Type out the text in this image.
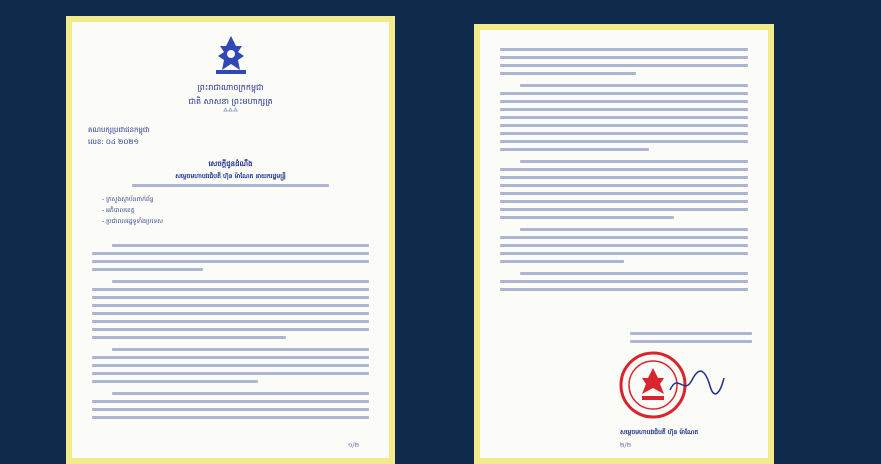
ព្រះរាជាណាចក្រកម្ពុជា
ជាតិ សាសនា ព្រះមហាក្សត្រ
⁂⁂⁂
គណបក្សប្រជាជនកម្ពុជា
លេខ: ០៤ ២០២១
សេចក្តីជូនដំណឹង
សម្តេចមហាបវរធិបតី ហ៊ុន ម៉ាណែត នាយករដ្ឋមន្ត្រី
- ក្រសួងស្ថាប័នពាក់ព័ន្ធ
- អភិបាលខេត្ត
- ប្រជាពលរដ្ឋទូទាំងប្រទេស
១/២
សម្តេចមហាបវរធិបតី ហ៊ុន ម៉ាណែត
២/២
